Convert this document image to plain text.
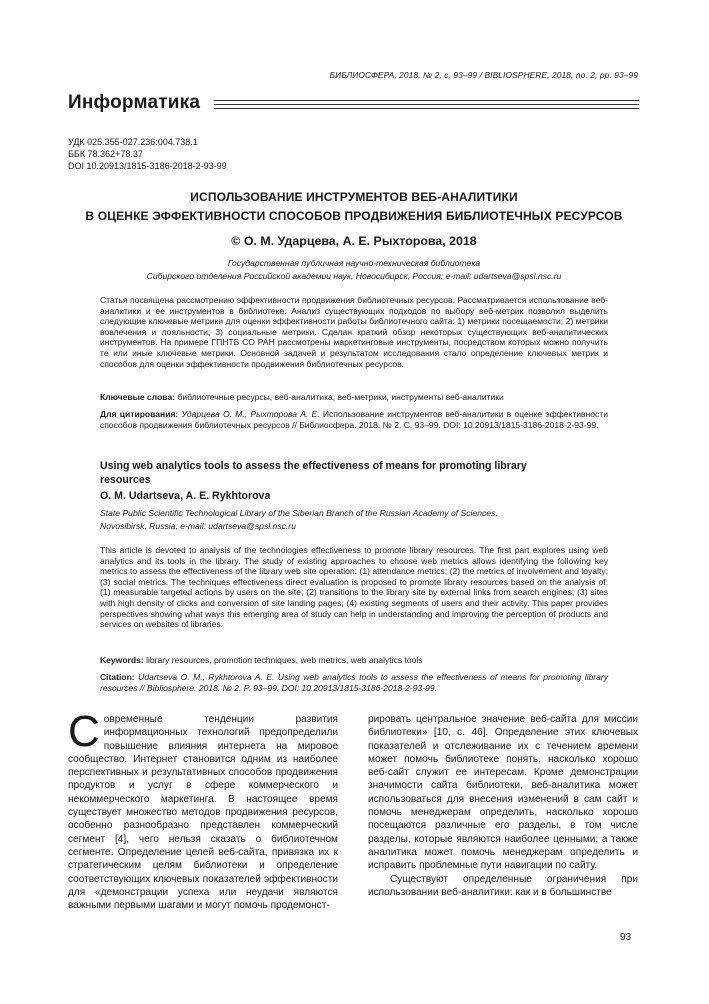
БИБЛИОСФЕРА, 2018, № 2, с. 93–99 / BIBLIOSPHERE, 2018, no. 2, pp. 93–99
Информатика
УДК 025.355-027.236:004.738.1
ББК 78.362+78.37
DOI 10.20913/1815-3186-2018-2-93-99
ИСПОЛЬЗОВАНИЕ ИНСТРУМЕНТОВ ВЕБ-АНАЛИТИКИ
В ОЦЕНКЕ ЭФФЕКТИВНОСТИ СПОСОБОВ ПРОДВИЖЕНИЯ БИБЛИОТЕЧНЫХ РЕСУРСОВ
© О. М. Ударцева, А. Е. Рыхторова, 2018
Государственная публичная научно-техническая библиотека
Сибирского отделения Российской академии наук, Новосибирск, Россия; e-mail: udartseva@spsl.nsc.ru

Статья посвящена рассмотрению эффективности продвижения библиотечных ресурсов. Рассматривается использование веб-аналитики и ее инструментов в библиотеке. Анализ существующих подходов по выбору веб-метрик позволил выделить следующие ключевые метрики для оценки эффективности работы библиотечного сайта: 1) метрики посещаемости; 2) метрики вовлечения и лояльности; 3) социальные метрики. Сделан краткий обзор некоторых существующих веб-аналитических инструментов. На примере ГПНТБ СО РАН рассмотрены маркетинговые инструменты, посредством которых можно получить те или иные ключевые метрики. Основной задачей и результатом исследования стало определение ключевых метрик и способов для оценки эффективности продвижения библиотечных ресурсов.

Ключевые слова: библиотечные ресурсы, веб-аналитика, веб-метрики, инструменты веб-аналитики

Для цитирования: Ударцева О. М., Рыхторова А. Е. Использование инструментов веб-аналитики в оценке эффективности способов продвижения библиотечных ресурсов // Библиосфера. 2018. № 2. С. 93–99. DOI: 10.20913/1815-3186-2018-2-93-99.

Using web analytics tools to assess the effectiveness of means for promoting library resources
O. M. Udartseva, A. E. Rykhtorova
State Public Scientific Technological Library of the Siberian Branch of the Russian Academy of Sciences,
Novosibirsk, Russia; e-mail: udartseva@spsl.nsc.ru

This article is devoted to analysis of the technologies effectiveness to promote library resources. The first part explores using web analytics and its tools in the library. The study of existing approaches to choose web metrics allows identifying the following key metrics to assess the effectiveness of the library web site operation: (1) attendance metrics; (2) the metrics of involvement and loyalty; (3) social metrics. The techniques effectiveness direct evaluation is proposed to promote library resources based on the analysis of: (1) measurable targeted actions by users on the site; (2) transitions to the library site by external links from search engines; (3) sites with high density of clicks and conversion of site landing pages; (4) existing segments of users and their activity. This paper provides perspectives showing what ways this emerging area of study can help in understanding and improving the perception of products and services on websites of libraries.

Keywords: library resources, promotion techniques, web metrics, web analytics tools

Citation: Udartseva O. M., Rykhtorova A. E. Using web analytics tools to assess the effectiveness of means for promoting library resources // Bibliosphere. 2018. № 2. P. 93–99. DOI: 10.20913/1815-3186-2018-2-93-99.

Современные тенденции развития информационных технологий предопределили повышение влияния интернета на мировое сообщество. Интернет становится одним из наиболее перспективных и результативных способов продвижения продуктов и услуг в сфере коммерческого и некоммерческого маркетинга. В настоящее время существует множество методов продвижения ресурсов, особенно разнообразно представлен коммерческий сегмент [4], чего нельзя сказать о библиотечном сегменте. Определение целей веб-сайта, привязка их к стратегическим целям библиотеки и определение соответствующих ключевых показателей эффективности для «демонстрации успеха или неудачи являются важными первыми шагами и могут помочь продемонст-

рировать центральное значение веб-сайта для миссии библиотеки» [10, с. 46]. Определение этих ключевых показателей и отслеживание их с течением времени может помочь библиотеке понять, насколько хорошо веб-сайт служит ее интересам. Кроме демонстрации значимости сайта библиотеки, веб-аналитика может использоваться для внесения изменений в сам сайт и помочь менеджерам определить, насколько хорошо посещаются различные его разделы, в том числе разделы, которые являются наиболее ценными; а также аналитика может помочь менеджерам определить и исправить проблемные пути навигации по сайту.

Существуют определенные ограничения при использовании веб-аналитики: как и в большинстве

93
